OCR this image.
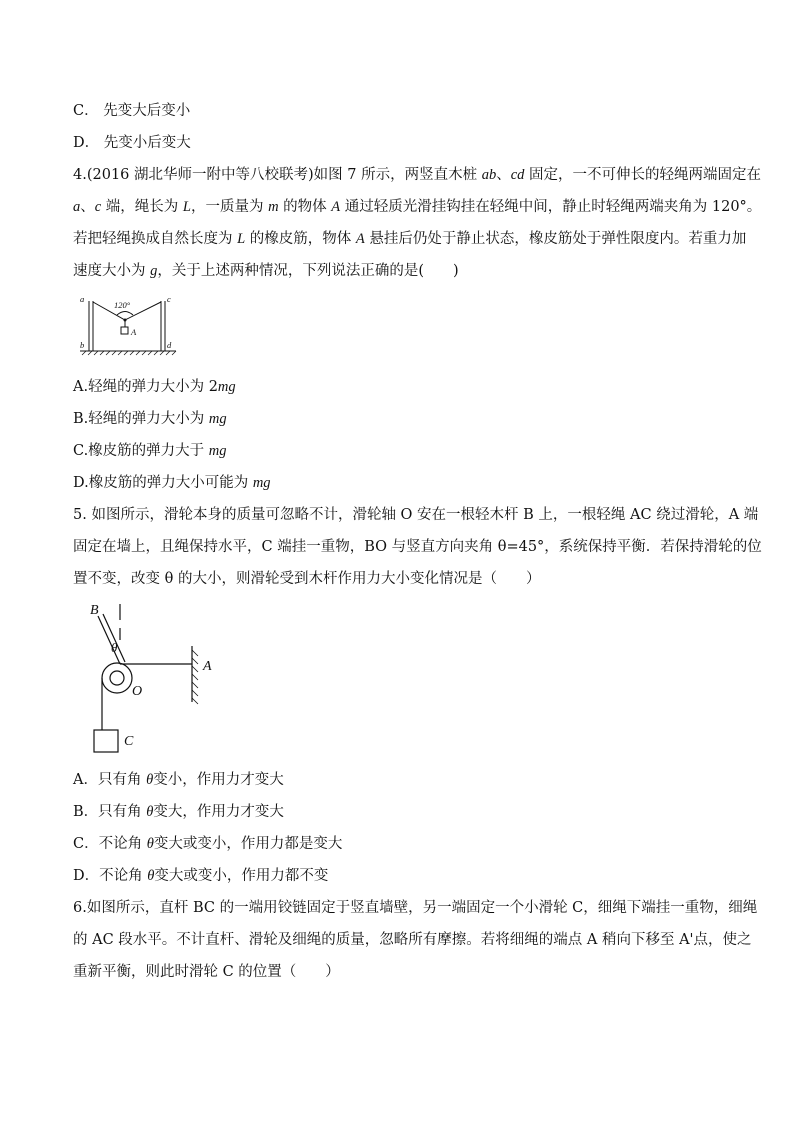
C． 先变大后变小
D． 先变小后变大
4.(2016 湖北华师一附中等八校联考)如图 7 所示，两竖直木桩 ab、cd 固定，一不可伸长的轻绳两端固定在
a、c 端，绳长为 L，一质量为 m 的物体 A 通过轻质光滑挂钩挂在轻绳中间，静止时轻绳两端夹角为 120°。
若把轻绳换成自然长度为 L 的橡皮筋，物体 A 悬挂后仍处于静止状态，橡皮筋处于弹性限度内。若重力加
速度大小为 g，关于上述两种情况，下列说法正确的是(　　)
120°
a	c
b	d
A
A.轻绳的弹力大小为 2mg
B.轻绳的弹力大小为 mg
C.橡皮筋的弹力大于 mg
D.橡皮筋的弹力大小可能为 mg
5. 如图所示，滑轮本身的质量可忽略不计，滑轮轴 O 安在一根轻木杆 B 上，一根轻绳 AC 绕过滑轮，A 端
固定在墙上，且绳保持水平，C 端挂一重物，BO 与竖直方向夹角 θ=45°，系统保持平衡．若保持滑轮的位
置不变，改变 θ 的大小，则滑轮受到木杆作用力大小变化情况是（　　）
B
θ
A
O
C
A．只有角 θ变小，作用力才变大
B．只有角 θ变大，作用力才变大
C．不论角 θ变大或变小，作用力都是变大
D．不论角 θ变大或变小，作用力都不变
6.如图所示，直杆 BC 的一端用铰链固定于竖直墙壁，另一端固定一个小滑轮 C，细绳下端挂一重物，细绳
的 AC 段水平。不计直杆、滑轮及细绳的质量，忽略所有摩擦。若将细绳的端点 A 稍向下移至 A'点，使之
重新平衡，则此时滑轮 C 的位置（　　）
